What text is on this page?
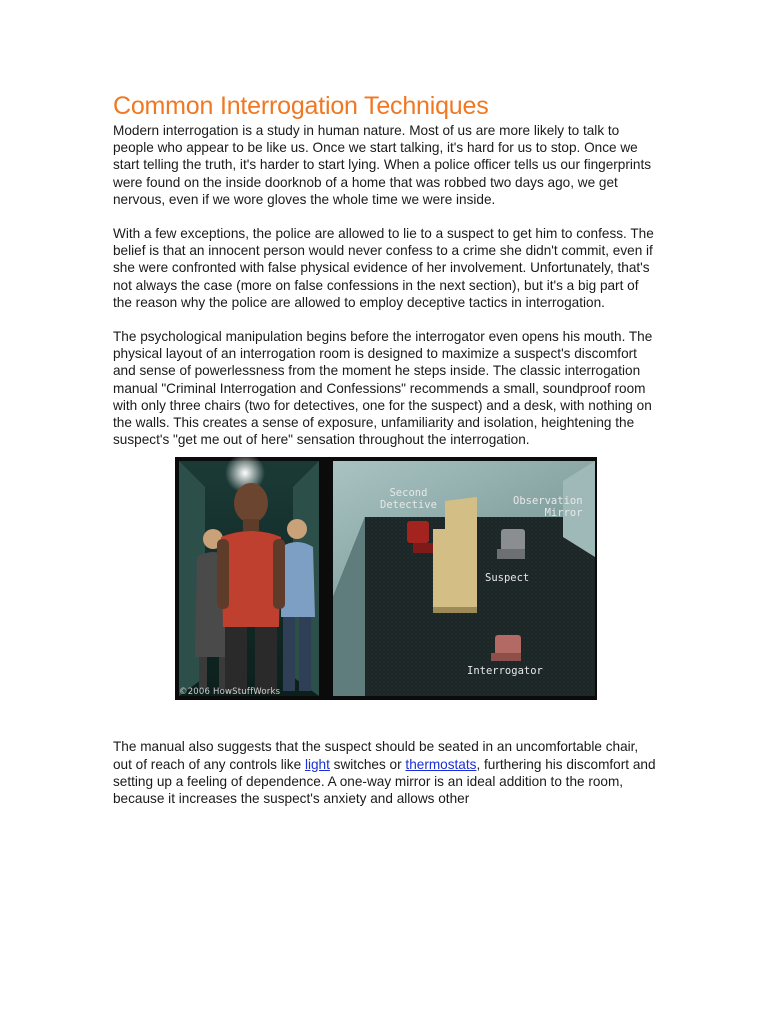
Common Interrogation Techniques

Modern interrogation is a study in human nature. Most of us are more likely to talk to people who appear to be like us. Once we start talking, it's hard for us to stop. Once we start telling the truth, it's harder to start lying. When a police officer tells us our fingerprints were found on the inside doorknob of a home that was robbed two days ago, we get nervous, even if we wore gloves the whole time we were inside.

With a few exceptions, the police are allowed to lie to a suspect to get him to confess. The belief is that an innocent person would never confess to a crime she didn't commit, even if she were confronted with false physical evidence of her involvement. Unfortunately, that's not always the case (more on false confessions in the next section), but it's a big part of the reason why the police are allowed to employ deceptive tactics in interrogation.

The psychological manipulation begins before the interrogator even opens his mouth. The physical layout of an interrogation room is designed to maximize a suspect's discomfort and sense of powerlessness from the moment he steps inside. The classic interrogation manual "Criminal Interrogation and Confessions" recommends a small, soundproof room with only three chairs (two for detectives, one for the suspect) and a desk, with nothing on the walls. This creates a sense of exposure, unfamiliarity and isolation, heightening the suspect's "get me out of here" sensation throughout the interrogation.

Second
Detective	Observation
Mirror
Suspect
Interrogator
©2006 HowStuffWorks

The manual also suggests that the suspect should be seated in an uncomfortable chair, out of reach of any controls like light switches or thermostats, furthering his discomfort and setting up a feeling of dependence. A one-way mirror is an ideal addition to the room, because it increases the suspect's anxiety and allows other
